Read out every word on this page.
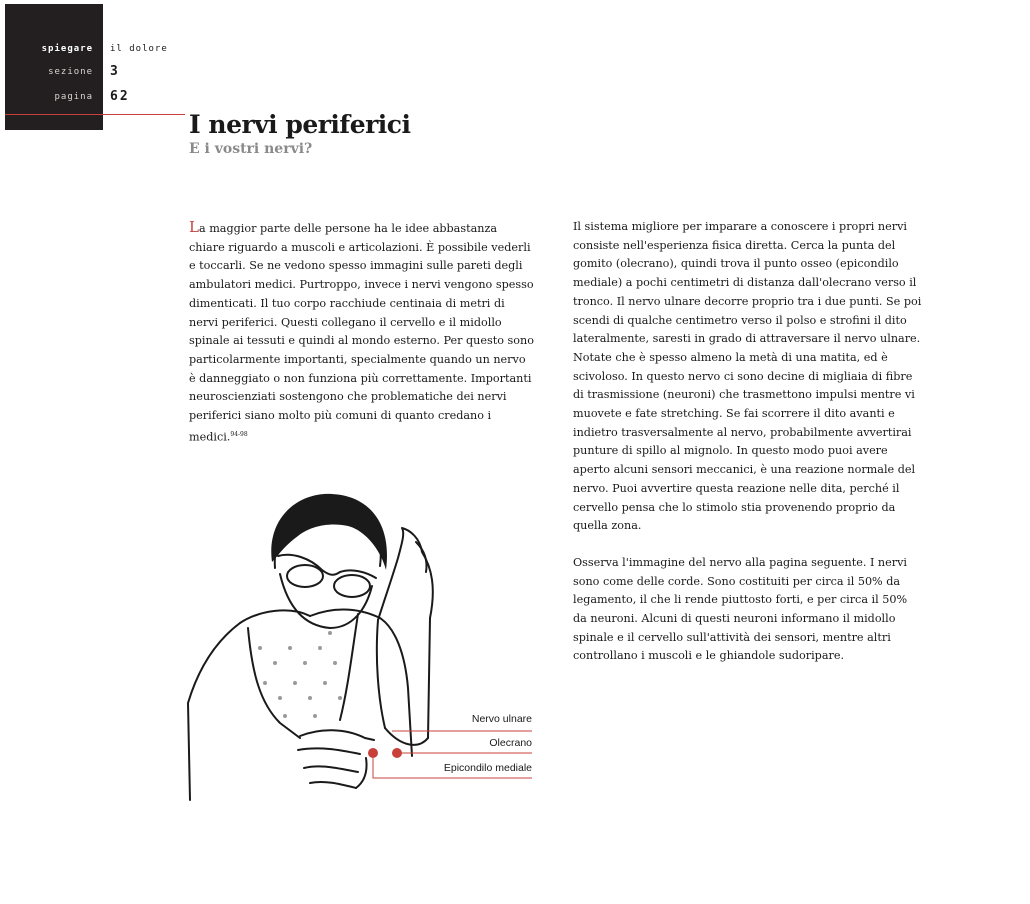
spiegare il dolore
sezione 3
pagina 62
I nervi periferici
E i vostri nervi?

La maggior parte delle persone ha le idee abbastanza chiare riguardo a muscoli e articolazioni. È possibile vederli e toccarli. Se ne vedono spesso immagini sulle pareti degli ambulatori medici. Purtroppo, invece i nervi vengono spesso dimenticati. Il tuo corpo racchiude centinaia di metri di nervi periferici. Questi collegano il cervello e il midollo spinale ai tessuti e quindi al mondo esterno. Per questo sono particolarmente importanti, specialmente quando un nervo è danneggiato o non funziona più correttamente. Importanti neuroscienziati sostengono che problematiche dei nervi periferici siano molto più comuni di quanto credano i medici.$^{94-98}$

Il sistema migliore per imparare a conoscere i propri nervi consiste nell'esperienza fisica diretta. Cerca la punta del gomito (olecrano), quindi trova il punto osseo (epicondilo mediale) a pochi centimetri di distanza dall'olecrano verso il tronco. Il nervo ulnare decorre proprio tra i due punti. Se poi scendi di qualche centimetro verso il polso e strofini il dito lateralmente, saresti in grado di attraversare il nervo ulnare. Notate che è spesso almeno la metà di una matita, ed è scivoloso. In questo nervo ci sono decine di migliaia di fibre di trasmissione (neuroni) che trasmettono impulsi mentre vi muovete e fate stretching. Se fai scorrere il dito avanti e indietro trasversalmente al nervo, probabilmente avvertirai punture di spillo al mignolo. In questo modo puoi avere aperto alcuni sensori meccanici, è una reazione normale del nervo. Puoi avvertire questa reazione nelle dita, perché il cervello pensa che lo stimolo stia provenendo proprio da quella zona.

Osserva l'immagine del nervo alla pagina seguente. I nervi sono come delle corde. Sono costituiti per circa il 50% da legamento, il che li rende piuttosto forti, e per circa il 50% da neuroni. Alcuni di questi neuroni informano il midollo spinale e il cervello sull'attività dei sensori, mentre altri controllano i muscoli e le ghiandole sudoripare.

Nervo ulnare
Olecrano
Epicondilo mediale
